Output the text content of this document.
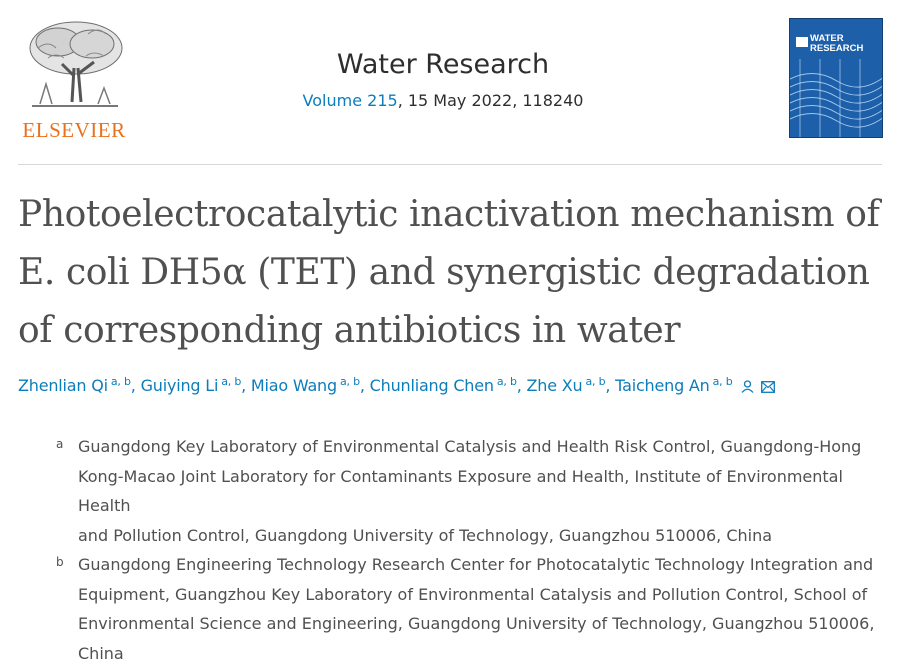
ELSEVIER
Water Research
Volume 215, 15 May 2022, 118240
WATER
RESEARCH
Photoelectrocatalytic inactivation mechanism of
E. coli DH5α (TET) and synergistic degradation
of corresponding antibiotics in water
Zhenlian Qi $^{a, b}$, Guiying Li $^{a, b}$, Miao Wang $^{a, b}$, Chunliang Chen $^{a, b}$, Zhe Xu $^{a, b}$, Taicheng An $^{a, b}$
a Guangdong Key Laboratory of Environmental Catalysis and Health Risk Control, Guangdong-Hong
Kong-Macao Joint Laboratory for Contaminants Exposure and Health, Institute of Environmental Health
and Pollution Control, Guangdong University of Technology, Guangzhou 510006, China
b Guangdong Engineering Technology Research Center for Photocatalytic Technology Integration and
Equipment, Guangzhou Key Laboratory of Environmental Catalysis and Pollution Control, School of
Environmental Science and Engineering, Guangdong University of Technology, Guangzhou 510006,
China
